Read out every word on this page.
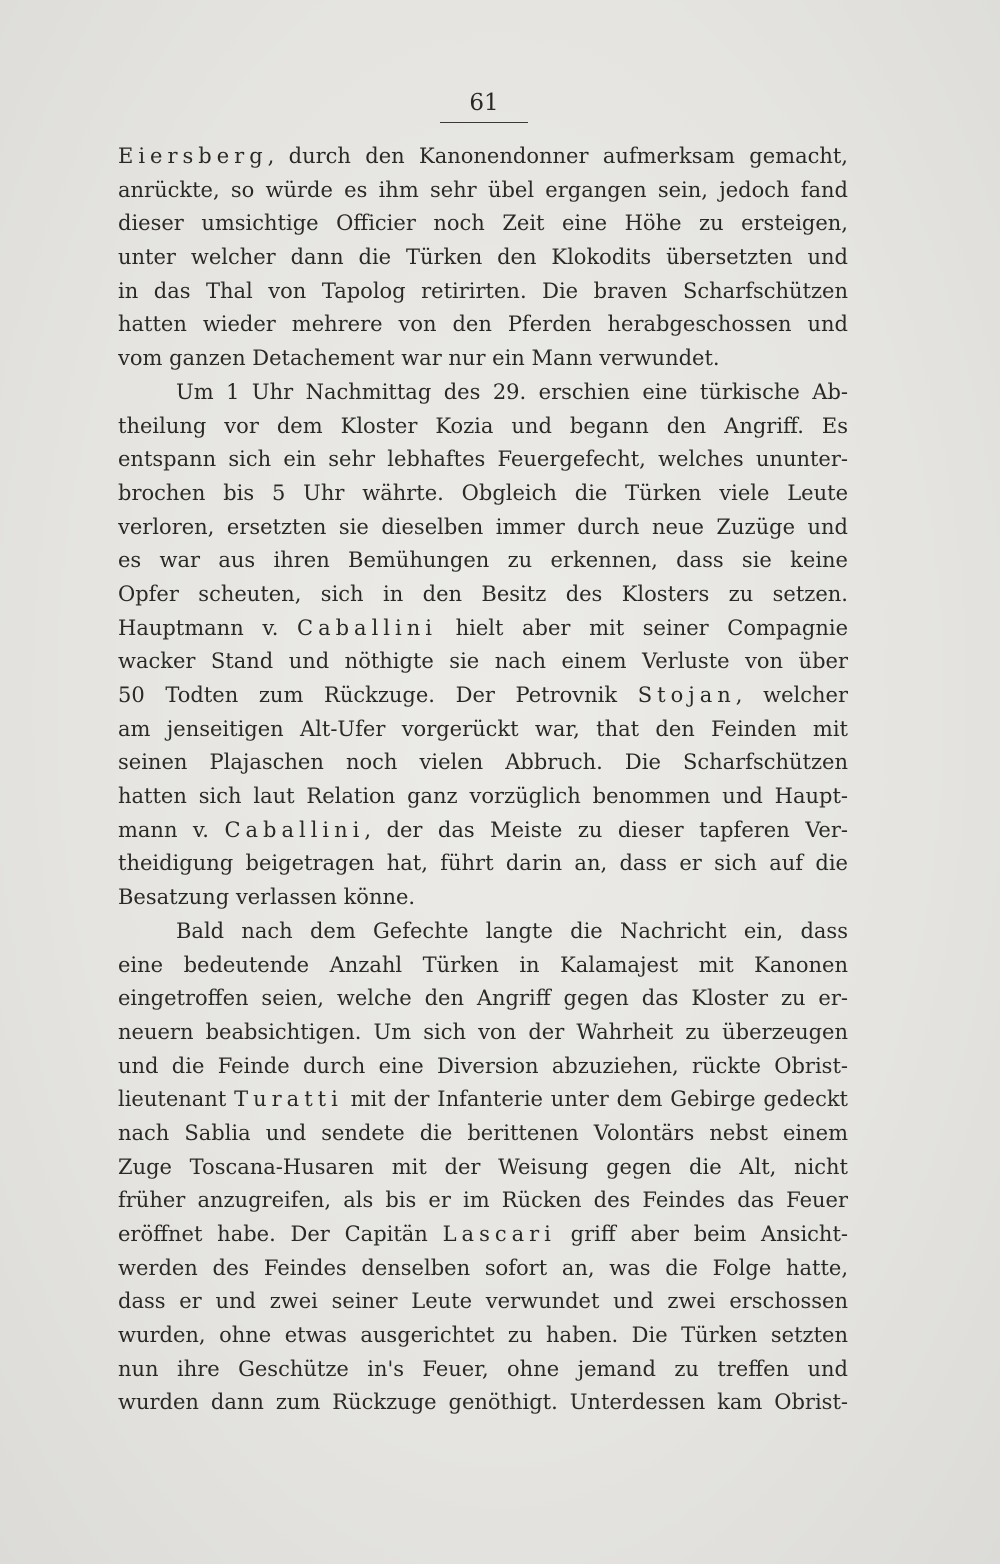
61
Eiersberg, durch den Kanonendonner aufmerksam gemacht,
anrückte, so würde es ihm sehr übel ergangen sein, jedoch fand
dieser umsichtige Officier noch Zeit eine Höhe zu ersteigen,
unter welcher dann die Türken den Klokodits übersetzten und
in das Thal von Tapolog retirirten. Die braven Scharfschützen
hatten wieder mehrere von den Pferden herabgeschossen und
vom ganzen Detachement war nur ein Mann verwundet.
Um 1 Uhr Nachmittag des 29. erschien eine türkische Ab-
theilung vor dem Kloster Kozia und begann den Angriff. Es
entspann sich ein sehr lebhaftes Feuergefecht, welches ununter-
brochen bis 5 Uhr währte. Obgleich die Türken viele Leute
verloren, ersetzten sie dieselben immer durch neue Zuzüge und
es war aus ihren Bemühungen zu erkennen, dass sie keine
Opfer scheuten, sich in den Besitz des Klosters zu setzen.
Hauptmann v. Caballini hielt aber mit seiner Compagnie
wacker Stand und nöthigte sie nach einem Verluste von über
50 Todten zum Rückzuge. Der Petrovnik Stojan, welcher
am jenseitigen Alt-Ufer vorgerückt war, that den Feinden mit
seinen Plajaschen noch vielen Abbruch. Die Scharfschützen
hatten sich laut Relation ganz vorzüglich benommen und Haupt-
mann v. Caballini, der das Meiste zu dieser tapferen Ver-
theidigung beigetragen hat, führt darin an, dass er sich auf die
Besatzung verlassen könne.
Bald nach dem Gefechte langte die Nachricht ein, dass
eine bedeutende Anzahl Türken in Kalamajest mit Kanonen
eingetroffen seien, welche den Angriff gegen das Kloster zu er-
neuern beabsichtigen. Um sich von der Wahrheit zu überzeugen
und die Feinde durch eine Diversion abzuziehen, rückte Obrist-
lieutenant Turatti mit der Infanterie unter dem Gebirge gedeckt
nach Sablia und sendete die berittenen Volontärs nebst einem
Zuge Toscana-Husaren mit der Weisung gegen die Alt, nicht
früher anzugreifen, als bis er im Rücken des Feindes das Feuer
eröffnet habe. Der Capitän Lascari griff aber beim Ansicht-
werden des Feindes denselben sofort an, was die Folge hatte,
dass er und zwei seiner Leute verwundet und zwei erschossen
wurden, ohne etwas ausgerichtet zu haben. Die Türken setzten
nun ihre Geschütze in's Feuer, ohne jemand zu treffen und
wurden dann zum Rückzuge genöthigt. Unterdessen kam Obrist-
